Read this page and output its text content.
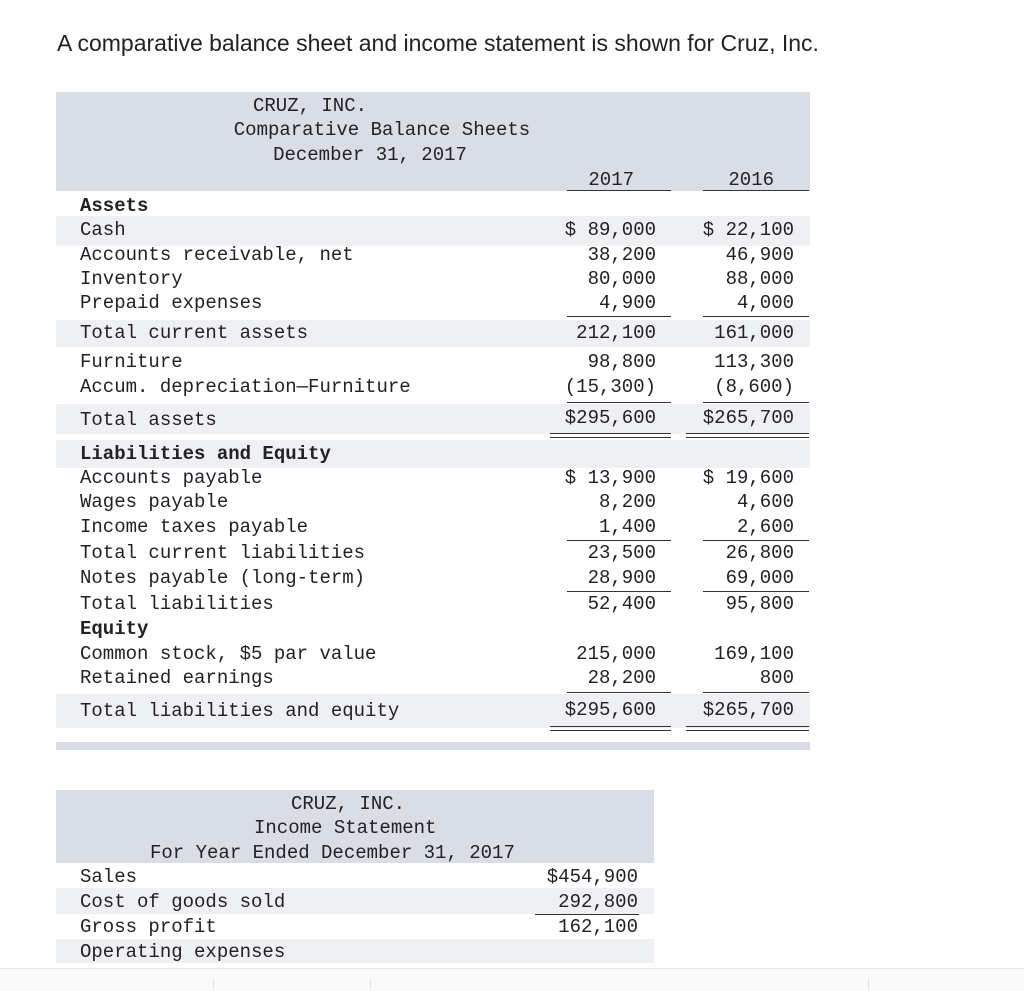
A comparative balance sheet and income statement is shown for Cruz, Inc.
CRUZ, INC.
Comparative Balance Sheets
December 31, 2017
2017	2016
Assets
Cash	$ 89,000 $ 22,100
Accounts receivable, net	38,200	46,900
Inventory	80,000	88,000
Prepaid expenses	4,900	4,000
Total current assets	212,100	161,000
Furniture	98,800	113,300
Accum. depreciation—Furniture	(15,300)	(8,600)
Total assets	$295,600 $265,700
Liabilities and Equity
Accounts payable	$ 13,900 $ 19,600
Wages payable	8,200	4,600
Income taxes payable	1,400	2,600
Total current liabilities	23,500	26,800
Notes payable (long-term)	28,900	69,000
Total liabilities	52,400	95,800
Equity
Common stock, $5 par value	215,000	169,100
Retained earnings	28,200	800
Total liabilities and equity	$295,600 $265,700
CRUZ, INC.
Income Statement
For Year Ended December 31, 2017
Sales	$454,900
Cost of goods sold	292,800
Gross profit	162,100
Operating expenses
